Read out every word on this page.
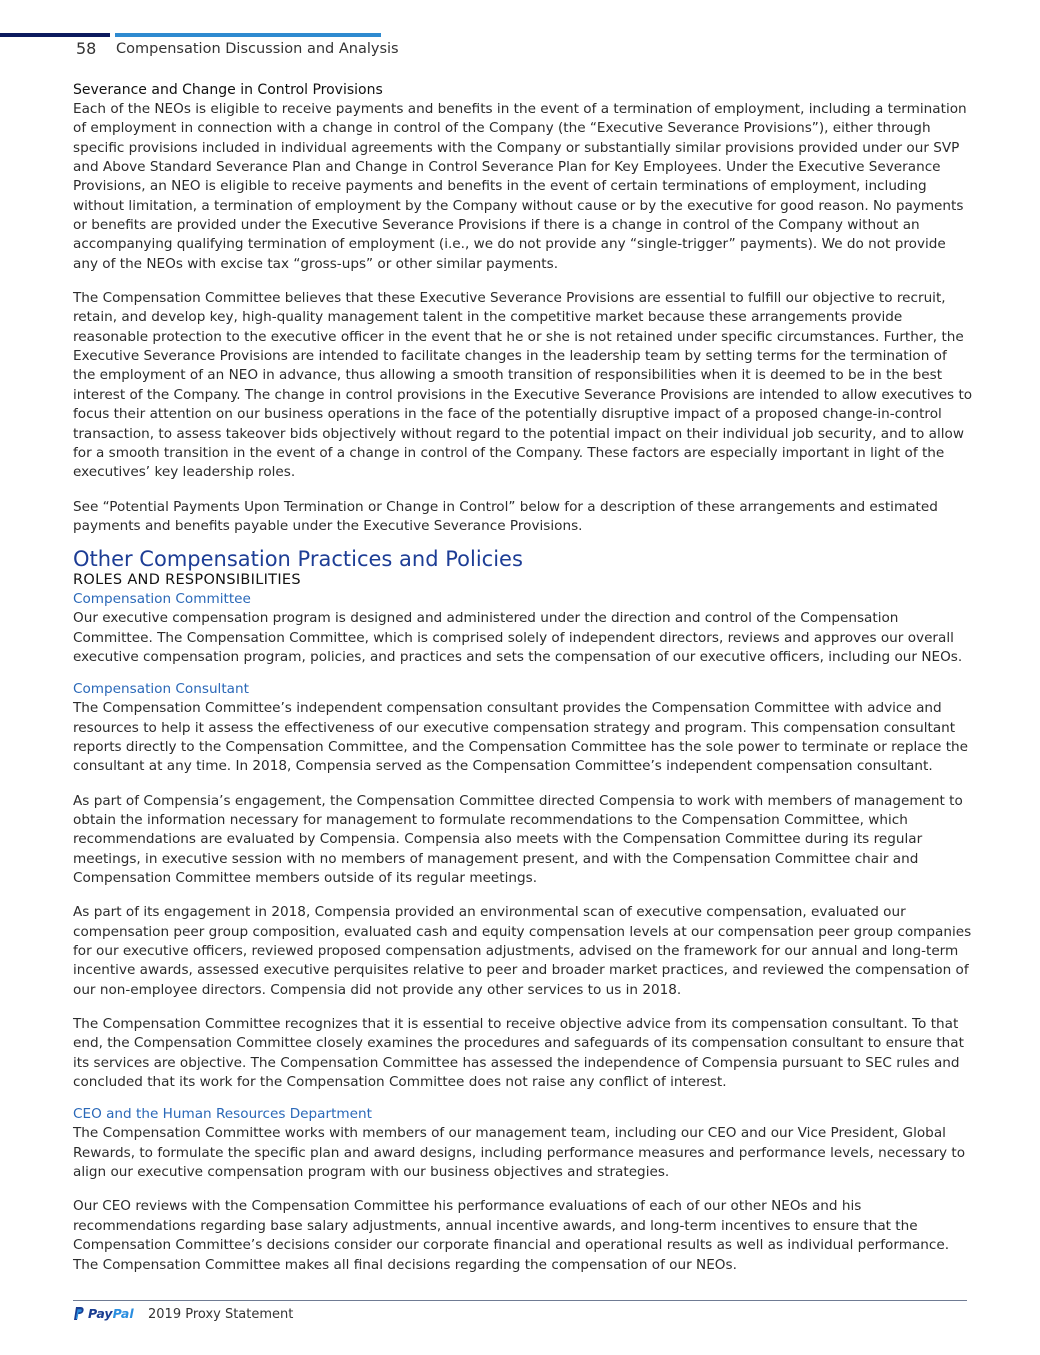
58 Compensation Discussion and Analysis
Severance and Change in Control Provisions

Each of the NEOs is eligible to receive payments and benefits in the event of a termination of employment, including a termination of employment in connection with a change in control of the Company (the “Executive Severance Provisions”), either through specific provisions included in individual agreements with the Company or substantially similar provisions provided under our SVP and Above Standard Severance Plan and Change in Control Severance Plan for Key Employees. Under the Executive Severance Provisions, an NEO is eligible to receive payments and benefits in the event of certain terminations of employment, including without limitation, a termination of employment by the Company without cause or by the executive for good reason. No payments or benefits are provided under the Executive Severance Provisions if there is a change in control of the Company without an accompanying qualifying termination of employment (i.e., we do not provide any “single-trigger” payments). We do not provide any of the NEOs with excise tax “gross-ups” or other similar payments.

The Compensation Committee believes that these Executive Severance Provisions are essential to fulfill our objective to recruit, retain, and develop key, high-quality management talent in the competitive market because these arrangements provide reasonable protection to the executive officer in the event that he or she is not retained under specific circumstances. Further, the Executive Severance Provisions are intended to facilitate changes in the leadership team by setting terms for the termination of the employment of an NEO in advance, thus allowing a smooth transition of responsibilities when it is deemed to be in the best interest of the Company. The change in control provisions in the Executive Severance Provisions are intended to allow executives to focus their attention on our business operations in the face of the potentially disruptive impact of a proposed change-in-control transaction, to assess takeover bids objectively without regard to the potential impact on their individual job security, and to allow for a smooth transition in the event of a change in control of the Company. These factors are especially important in light of the executives’ key leadership roles.

See “Potential Payments Upon Termination or Change in Control” below for a description of these arrangements and estimated payments and benefits payable under the Executive Severance Provisions.

Other Compensation Practices and Policies
ROLES AND RESPONSIBILITIES
Compensation Committee

Our executive compensation program is designed and administered under the direction and control of the Compensation Committee. The Compensation Committee, which is comprised solely of independent directors, reviews and approves our overall executive compensation program, policies, and practices and sets the compensation of our executive officers, including our NEOs.

Compensation Consultant

The Compensation Committee’s independent compensation consultant provides the Compensation Committee with advice and resources to help it assess the effectiveness of our executive compensation strategy and program. This compensation consultant reports directly to the Compensation Committee, and the Compensation Committee has the sole power to terminate or replace the consultant at any time. In 2018, Compensia served as the Compensation Committee’s independent compensation consultant.

As part of Compensia’s engagement, the Compensation Committee directed Compensia to work with members of management to obtain the information necessary for management to formulate recommendations to the Compensation Committee, which recommendations are evaluated by Compensia. Compensia also meets with the Compensation Committee during its regular meetings, in executive session with no members of management present, and with the Compensation Committee chair and Compensation Committee members outside of its regular meetings.

As part of its engagement in 2018, Compensia provided an environmental scan of executive compensation, evaluated our compensation peer group composition, evaluated cash and equity compensation levels at our compensation peer group companies for our executive officers, reviewed proposed compensation adjustments, advised on the framework for our annual and long-term incentive awards, assessed executive perquisites relative to peer and broader market practices, and reviewed the compensation of our non-employee directors. Compensia did not provide any other services to us in 2018.

The Compensation Committee recognizes that it is essential to receive objective advice from its compensation consultant. To that end, the Compensation Committee closely examines the procedures and safeguards of its compensation consultant to ensure that its services are objective. The Compensation Committee has assessed the independence of Compensia pursuant to SEC rules and concluded that its work for the Compensation Committee does not raise any conflict of interest.

CEO and the Human Resources Department

The Compensation Committee works with members of our management team, including our CEO and our Vice President, Global Rewards, to formulate the specific plan and award designs, including performance measures and performance levels, necessary to align our executive compensation program with our business objectives and strategies.

Our CEO reviews with the Compensation Committee his performance evaluations of each of our other NEOs and his recommendations regarding base salary adjustments, annual incentive awards, and long-term incentives to ensure that the Compensation Committee’s decisions consider our corporate financial and operational results as well as individual performance. The Compensation Committee makes all final decisions regarding the compensation of our NEOs.

PayPal 2019 Proxy Statement
